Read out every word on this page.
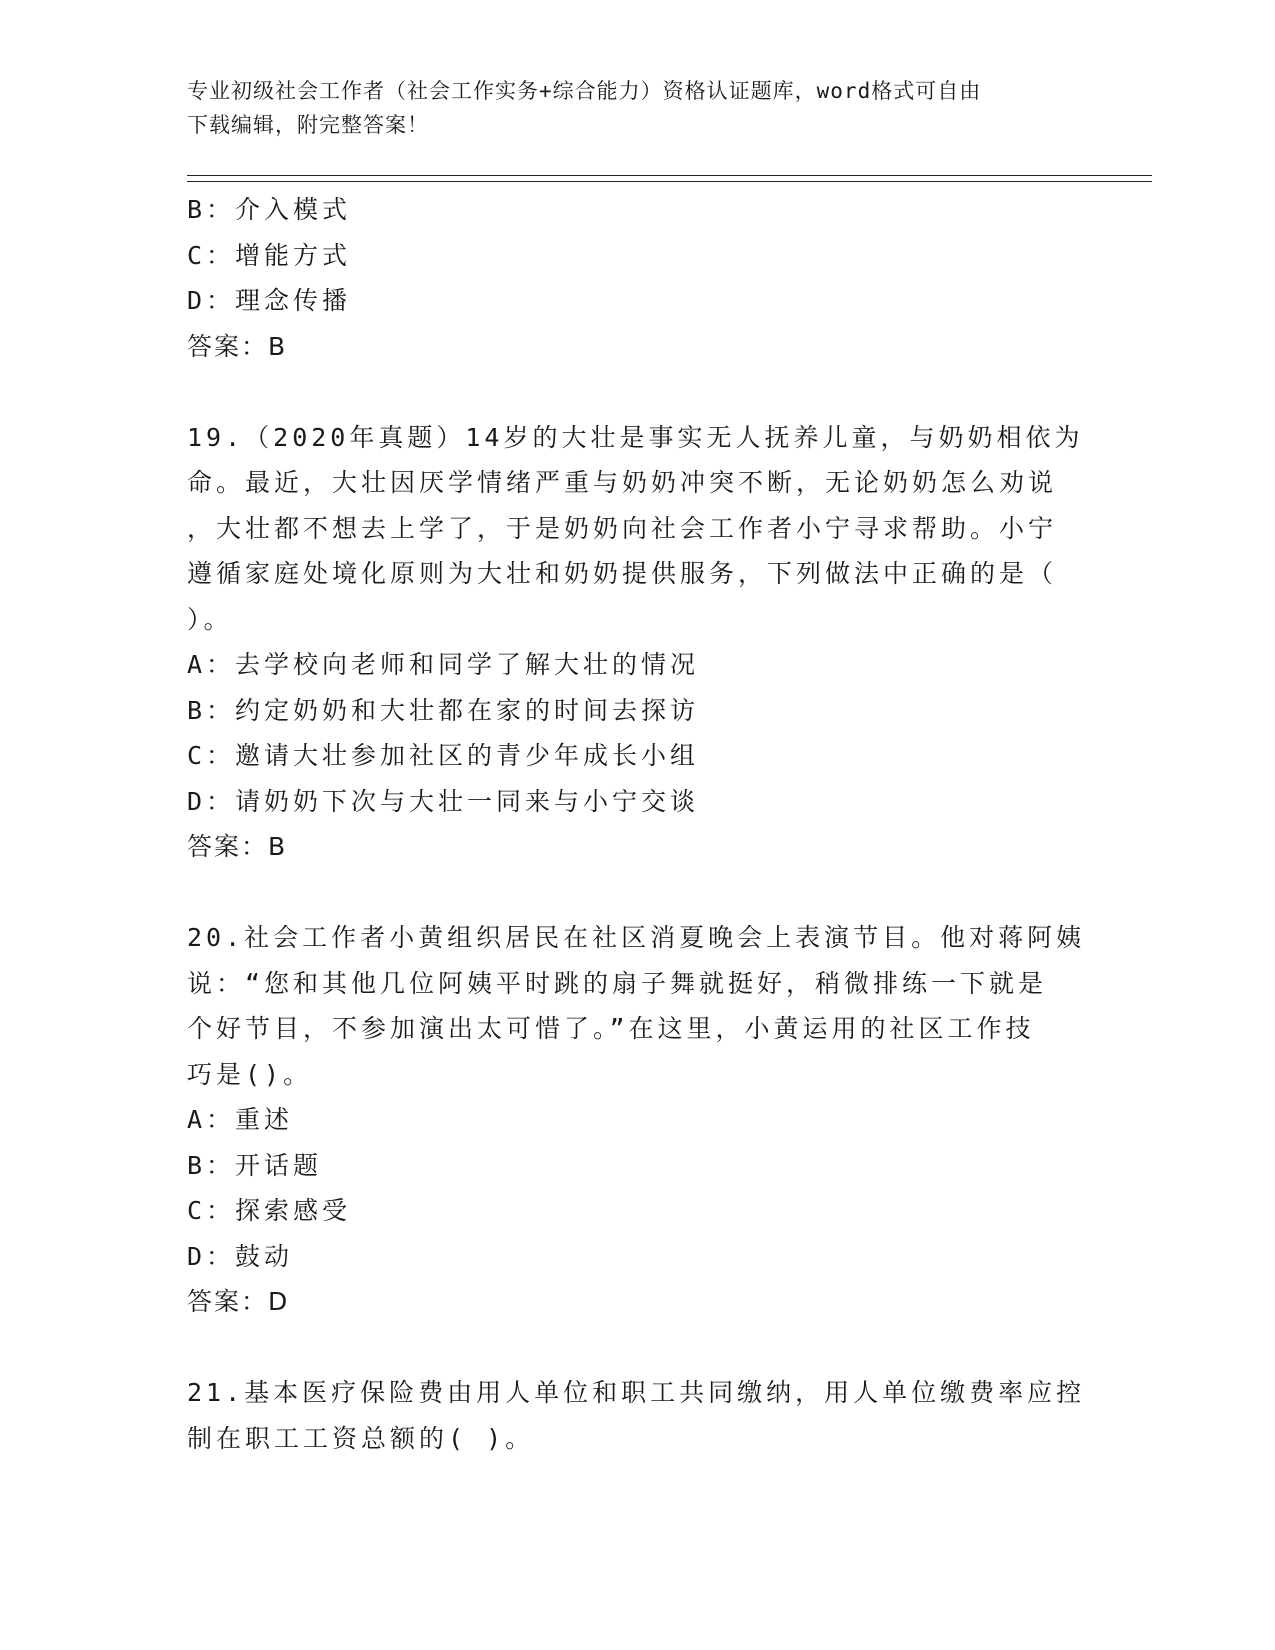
专业初级社会工作者（社会工作实务+综合能力）资格认证题库，word格式可自由
下载编辑，附完整答案！
B：介入模式
C：增能方式
D：理念传播
答案：B
19.（2020年真题）14岁的大壮是事实无人抚养儿童，与奶奶相依为
命。最近，大壮因厌学情绪严重与奶奶冲突不断，无论奶奶怎么劝说
，大壮都不想去上学了，于是奶奶向社会工作者小宁寻求帮助。小宁
遵循家庭处境化原则为大壮和奶奶提供服务，下列做法中正确的是（
）。
A：去学校向老师和同学了解大壮的情况
B：约定奶奶和大壮都在家的时间去探访
C：邀请大壮参加社区的青少年成长小组
D：请奶奶下次与大壮一同来与小宁交谈
答案：B
20.社会工作者小黄组织居民在社区消夏晚会上表演节目。他对蒋阿姨
说：“您和其他几位阿姨平时跳的扇子舞就挺好，稍微排练一下就是
个好节目，不参加演出太可惜了。”在这里，小黄运用的社区工作技
巧是()。
A：重述
B：开话题
C：探索感受
D：鼓动
答案：D
21.基本医疗保险费由用人单位和职工共同缴纳，用人单位缴费率应控
制在职工工资总额的( )。
